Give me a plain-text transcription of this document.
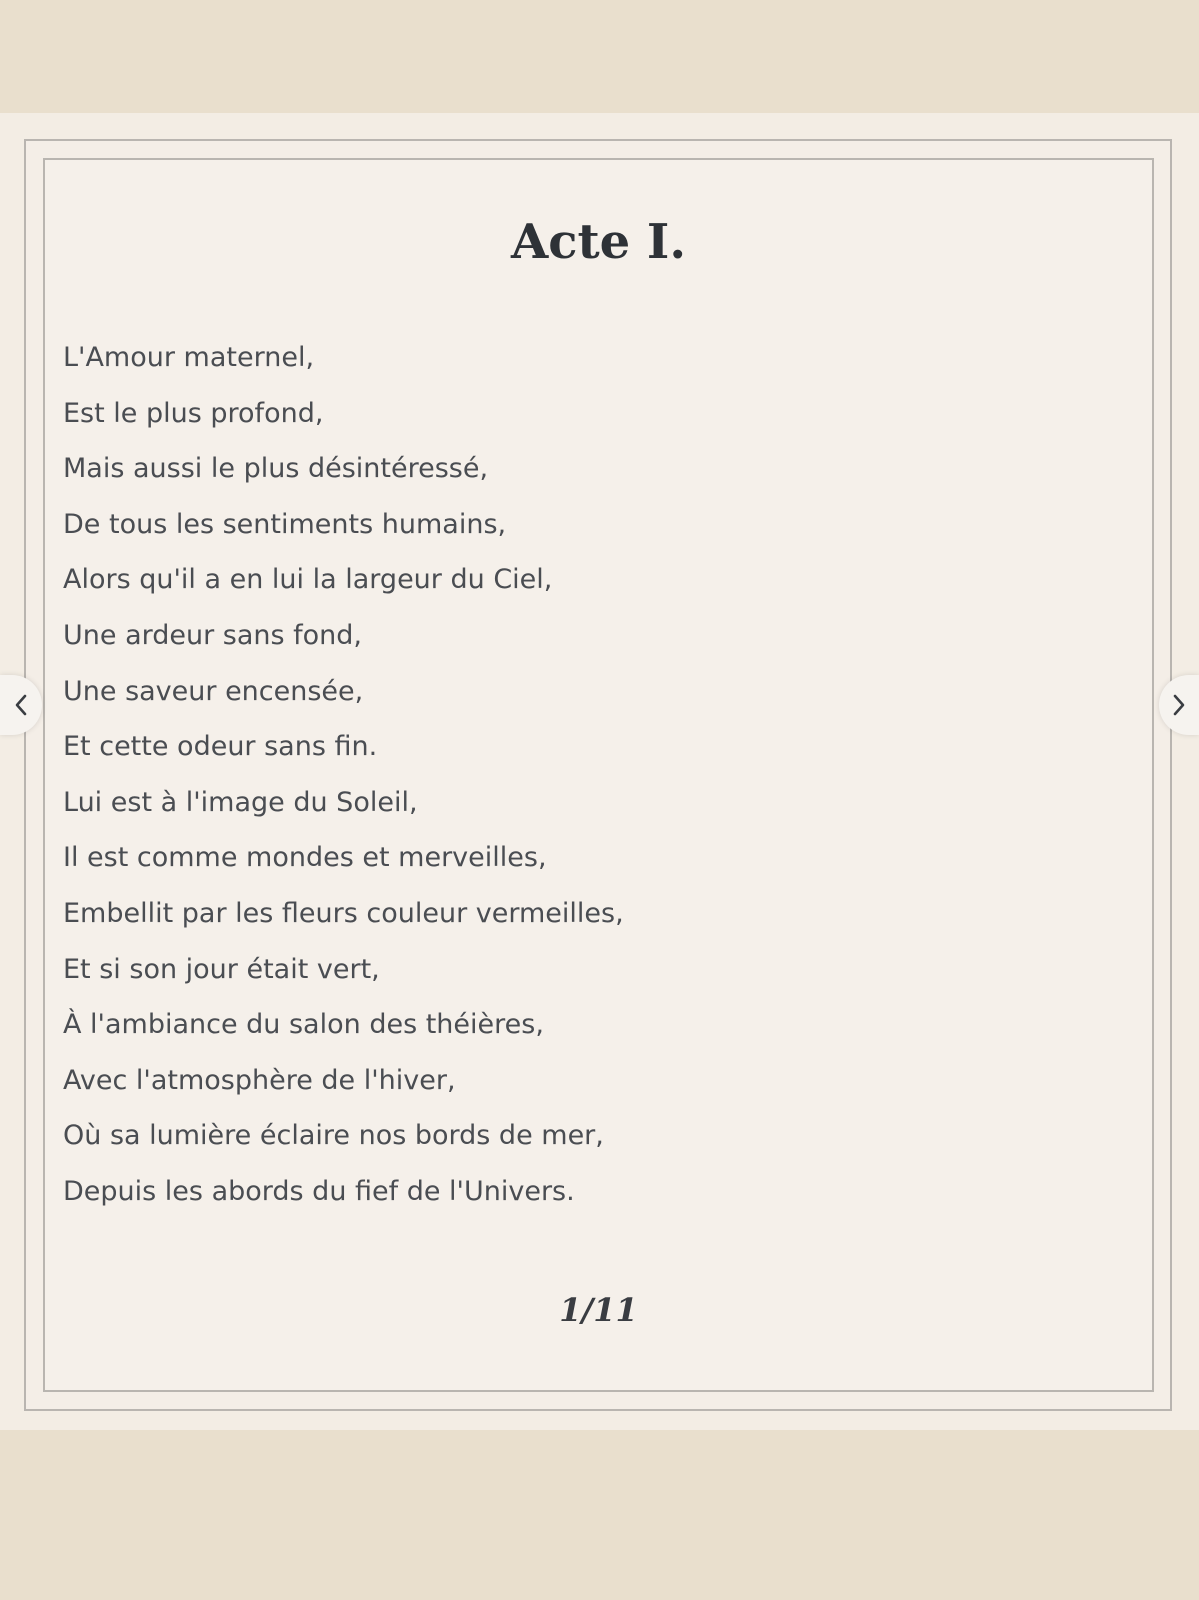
Acte I.
L'Amour maternel,
Est le plus profond,
Mais aussi le plus désintéressé,
De tous les sentiments humains,
Alors qu'il a en lui la largeur du Ciel,
Une ardeur sans fond,
Une saveur encensée,
Et cette odeur sans fin.
Lui est à l'image du Soleil,
Il est comme mondes et merveilles,
Embellit par les fleurs couleur vermeilles,
Et si son jour était vert,
À l'ambiance du salon des théières,
Avec l'atmosphère de l'hiver,
Où sa lumière éclaire nos bords de mer,
Depuis les abords du fief de l'Univers.
1/11
